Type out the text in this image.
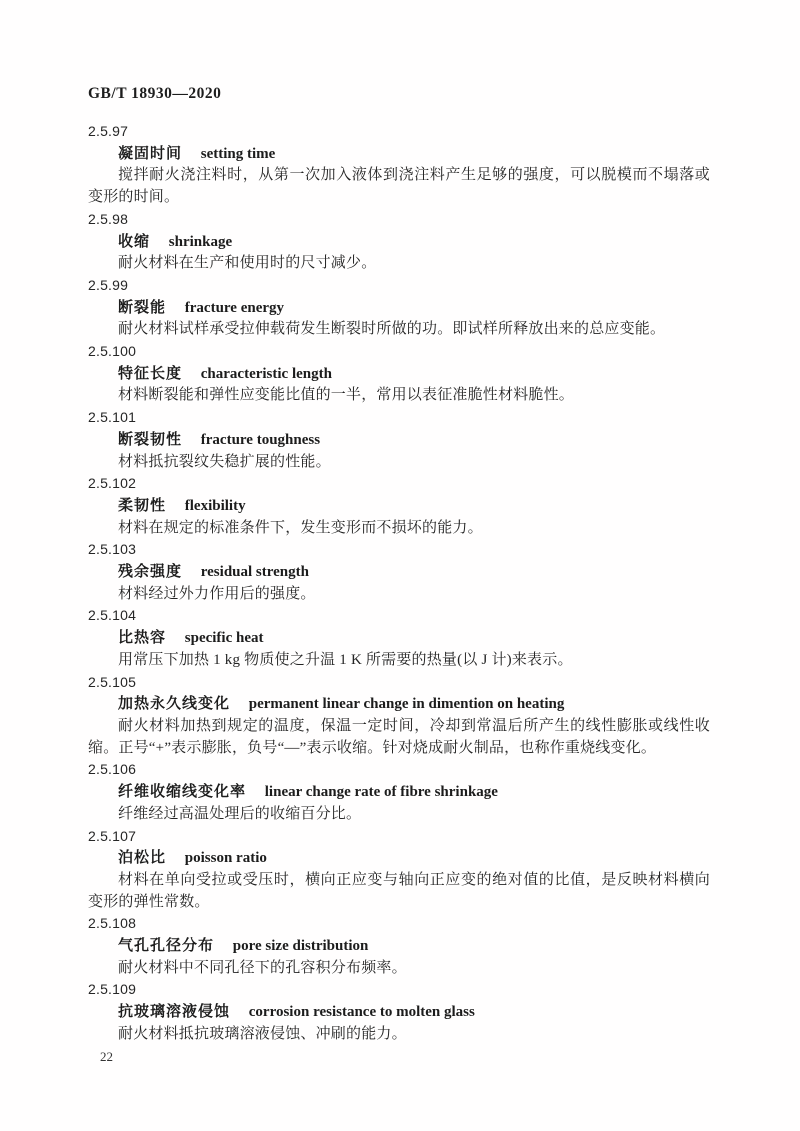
GB/T 18930—2020
2.5.97
凝固时间 setting time

搅拌耐火浇注料时，从第一次加入液体到浇注料产生足够的强度，可以脱模而不塌落或变形的时间。

2.5.98
收缩 shrinkage

耐火材料在生产和使用时的尺寸减少。

2.5.99
断裂能 fracture energy

耐火材料试样承受拉伸载荷发生断裂时所做的功。即试样所释放出来的总应变能。

2.5.100
特征长度 characteristic length

材料断裂能和弹性应变能比值的一半，常用以表征准脆性材料脆性。

2.5.101
断裂韧性 fracture toughness

材料抵抗裂纹失稳扩展的性能。

2.5.102
柔韧性 flexibility

材料在规定的标准条件下，发生变形而不损坏的能力。

2.5.103
残余强度 residual strength

材料经过外力作用后的强度。

2.5.104
比热容 specific heat

用常压下加热 1 kg 物质使之升温 1 K 所需要的热量(以 J 计)来表示。

2.5.105
加热永久线变化 permanent linear change in dimention on heating

耐火材料加热到规定的温度，保温一定时间，冷却到常温后所产生的线性膨胀或线性收缩。正号“+”表示膨胀，负号“—”表示收缩。针对烧成耐火制品，也称作重烧线变化。

2.5.106
纤维收缩线变化率 linear change rate of fibre shrinkage

纤维经过高温处理后的收缩百分比。

2.5.107
泊松比 poisson ratio

材料在单向受拉或受压时，横向正应变与轴向正应变的绝对值的比值，是反映材料横向变形的弹性常数。

2.5.108
气孔孔径分布 pore size distribution

耐火材料中不同孔径下的孔容积分布频率。

2.5.109
抗玻璃溶液侵蚀 corrosion resistance to molten glass

耐火材料抵抗玻璃溶液侵蚀、冲刷的能力。

22
